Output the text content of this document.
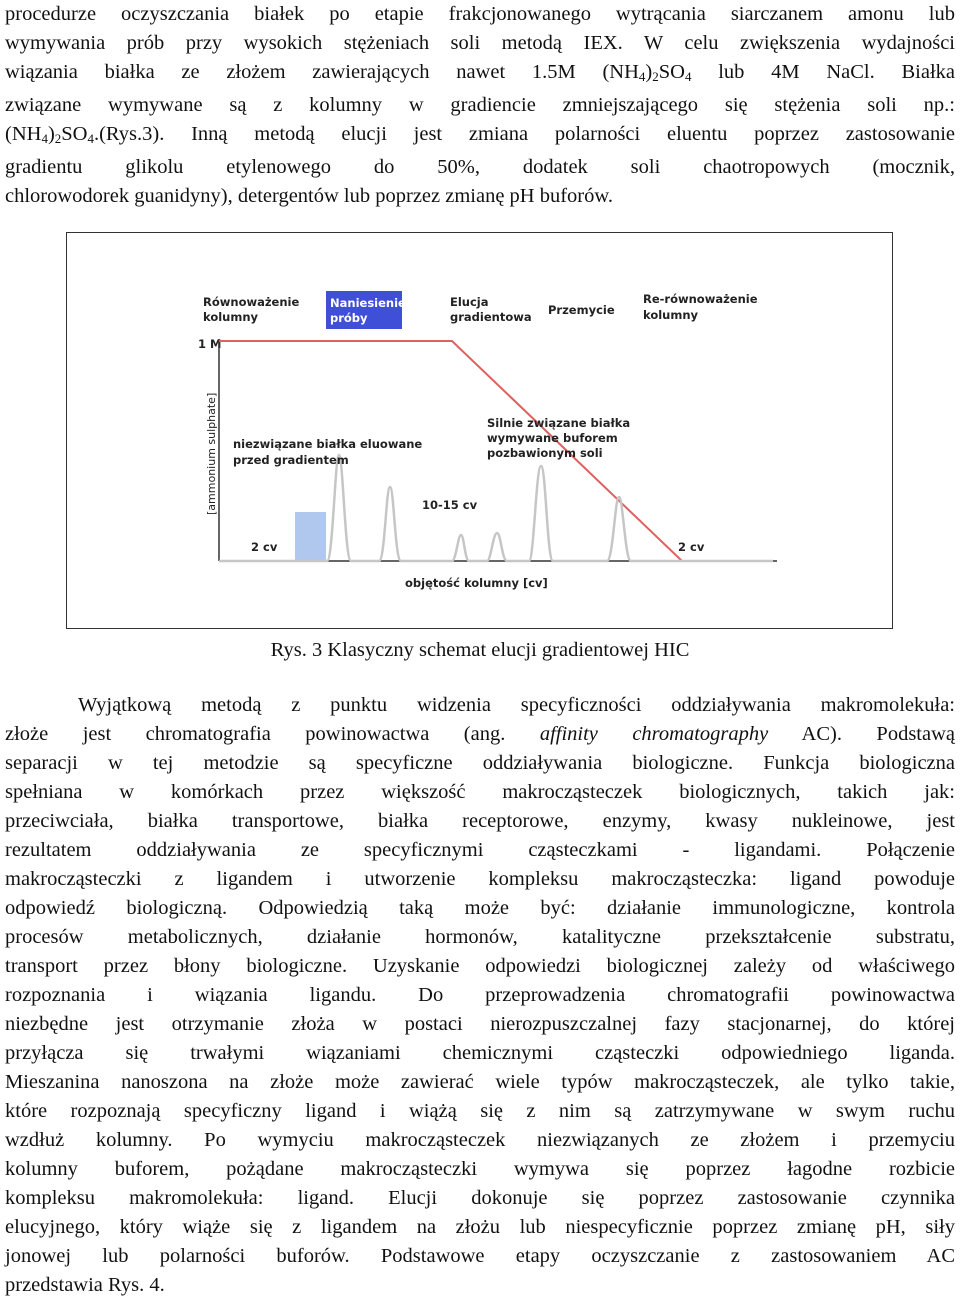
procedurze oczyszczania białek po etapie frakcjonowanego wytrącania siarczanem amonu lub
wymywania prób przy wysokich stężeniach soli metodą IEX. W celu zwiększenia wydajności
wiązania białka ze złożem zawierających nawet 1.5M $(NH_4)_2SO_4$ lub 4M NaCl. Białka
związane wymywane są z kolumny w gradiencie zmniejszającego się stężenia soli np.:
$(NH_4)_2SO_4.(Rys.3)$. Inną metodą elucji jest zmiana polarności eluentu poprzez zastosowanie
gradientu glikolu etylenowego do 50%, dodatek soli chaotropowych (mocznik,
chlorowodorek guanidyny), detergentów lub poprzez zmianę pH buforów.
Równoważenie
kolumny
Naniesienie
próby
Elucja
gradientowa Przemycie
Re-równoważenie
kolumny
1 M
[ammonium sulphate]
objętość kolumny [cv]
niezwiązane białka eluowane
przed gradientem
Silnie związane białka
wymywane buforem
pozbawionym soli
10-15 cv
2 cv	2 cv
Rys. 3 Klasyczny schemat elucji gradientowej HIC
Wyjątkową metodą z punktu widzenia specyficzności oddziaływania makromolekuła:
złoże jest chromatografia powinowactwa (ang. affinity chromatography AC). Podstawą
separacji w tej metodzie są specyficzne oddziaływania biologiczne. Funkcja biologiczna
spełniana w komórkach przez większość makrocząsteczek biologicznych, takich jak:
przeciwciała, białka transportowe, białka receptorowe, enzymy, kwasy nukleinowe, jest
rezultatem oddziaływania ze specyficznymi cząsteczkami - ligandami. Połączenie
makrocząsteczki z ligandem i utworzenie kompleksu makrocząsteczka: ligand powoduje
odpowiedź biologiczną. Odpowiedzią taką może być: działanie immunologiczne, kontrola
procesów metabolicznych, działanie hormonów, katalityczne przekształcenie substratu,
transport przez błony biologiczne. Uzyskanie odpowiedzi biologicznej zależy od właściwego
rozpoznania i wiązania ligandu. Do przeprowadzenia chromatografii powinowactwa
niezbędne jest otrzymanie złoża w postaci nierozpuszczalnej fazy stacjonarnej, do której
przyłącza się trwałymi wiązaniami chemicznymi cząsteczki odpowiedniego liganda.
Mieszanina nanoszona na złoże może zawierać wiele typów makrocząsteczek, ale tylko takie,
które rozpoznają specyficzny ligand i wiążą się z nim są zatrzymywane w swym ruchu
wzdłuż kolumny. Po wymyciu makrocząsteczek niezwiązanych ze złożem i przemyciu
kolumny buforem, pożądane makrocząsteczki wymywa się poprzez łagodne rozbicie
kompleksu makromolekuła: ligand. Elucji dokonuje się poprzez zastosowanie czynnika
elucyjnego, który wiąże się z ligandem na złożu lub niespecyficznie poprzez zmianę pH, siły
jonowej lub polarności buforów. Podstawowe etapy oczyszczanie z zastosowaniem AC
przedstawia Rys. 4.
